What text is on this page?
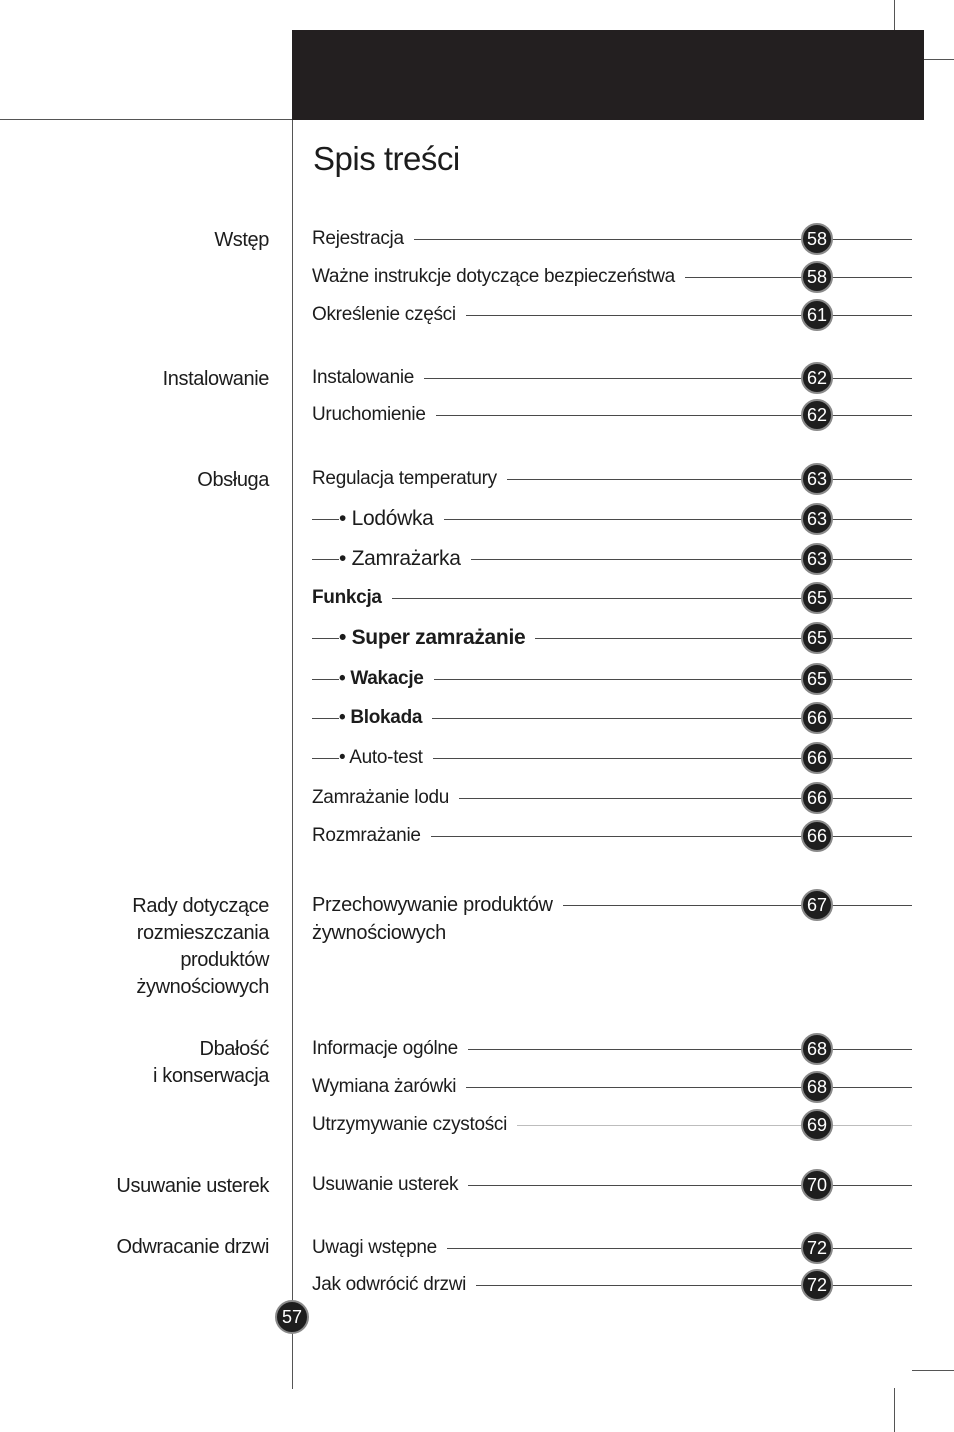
Spis treści
Wstęp
Instalowanie
Obsługa
Rady dotyczące
rozmieszczania
produktów
żywnościowych
Dbałość
i konserwacja
Usuwanie usterek
Odwracanie drzwi
Rejestracja	58
Ważne instrukcje dotyczące bezpieczeństwa	58
Określenie części	61
Instalowanie	62
Uruchomienie	62
Regulacja temperatury	63
• Lodówka	63
• Zamrażarka	63
Funkcja	65
• Super zamrażanie	65
• Wakacje	65
• Blokada	66
• Auto-test	66
Zamrażanie lodu	66
Rozmrażanie	66
Przechowywanie produktów
żywnościowych
67
Informacje ogólne	68
Wymiana żarówki	68
Utrzymywanie czystości	69
Usuwanie usterek	70
Uwagi wstępne	72
Jak odwrócić drzwi	72
57
